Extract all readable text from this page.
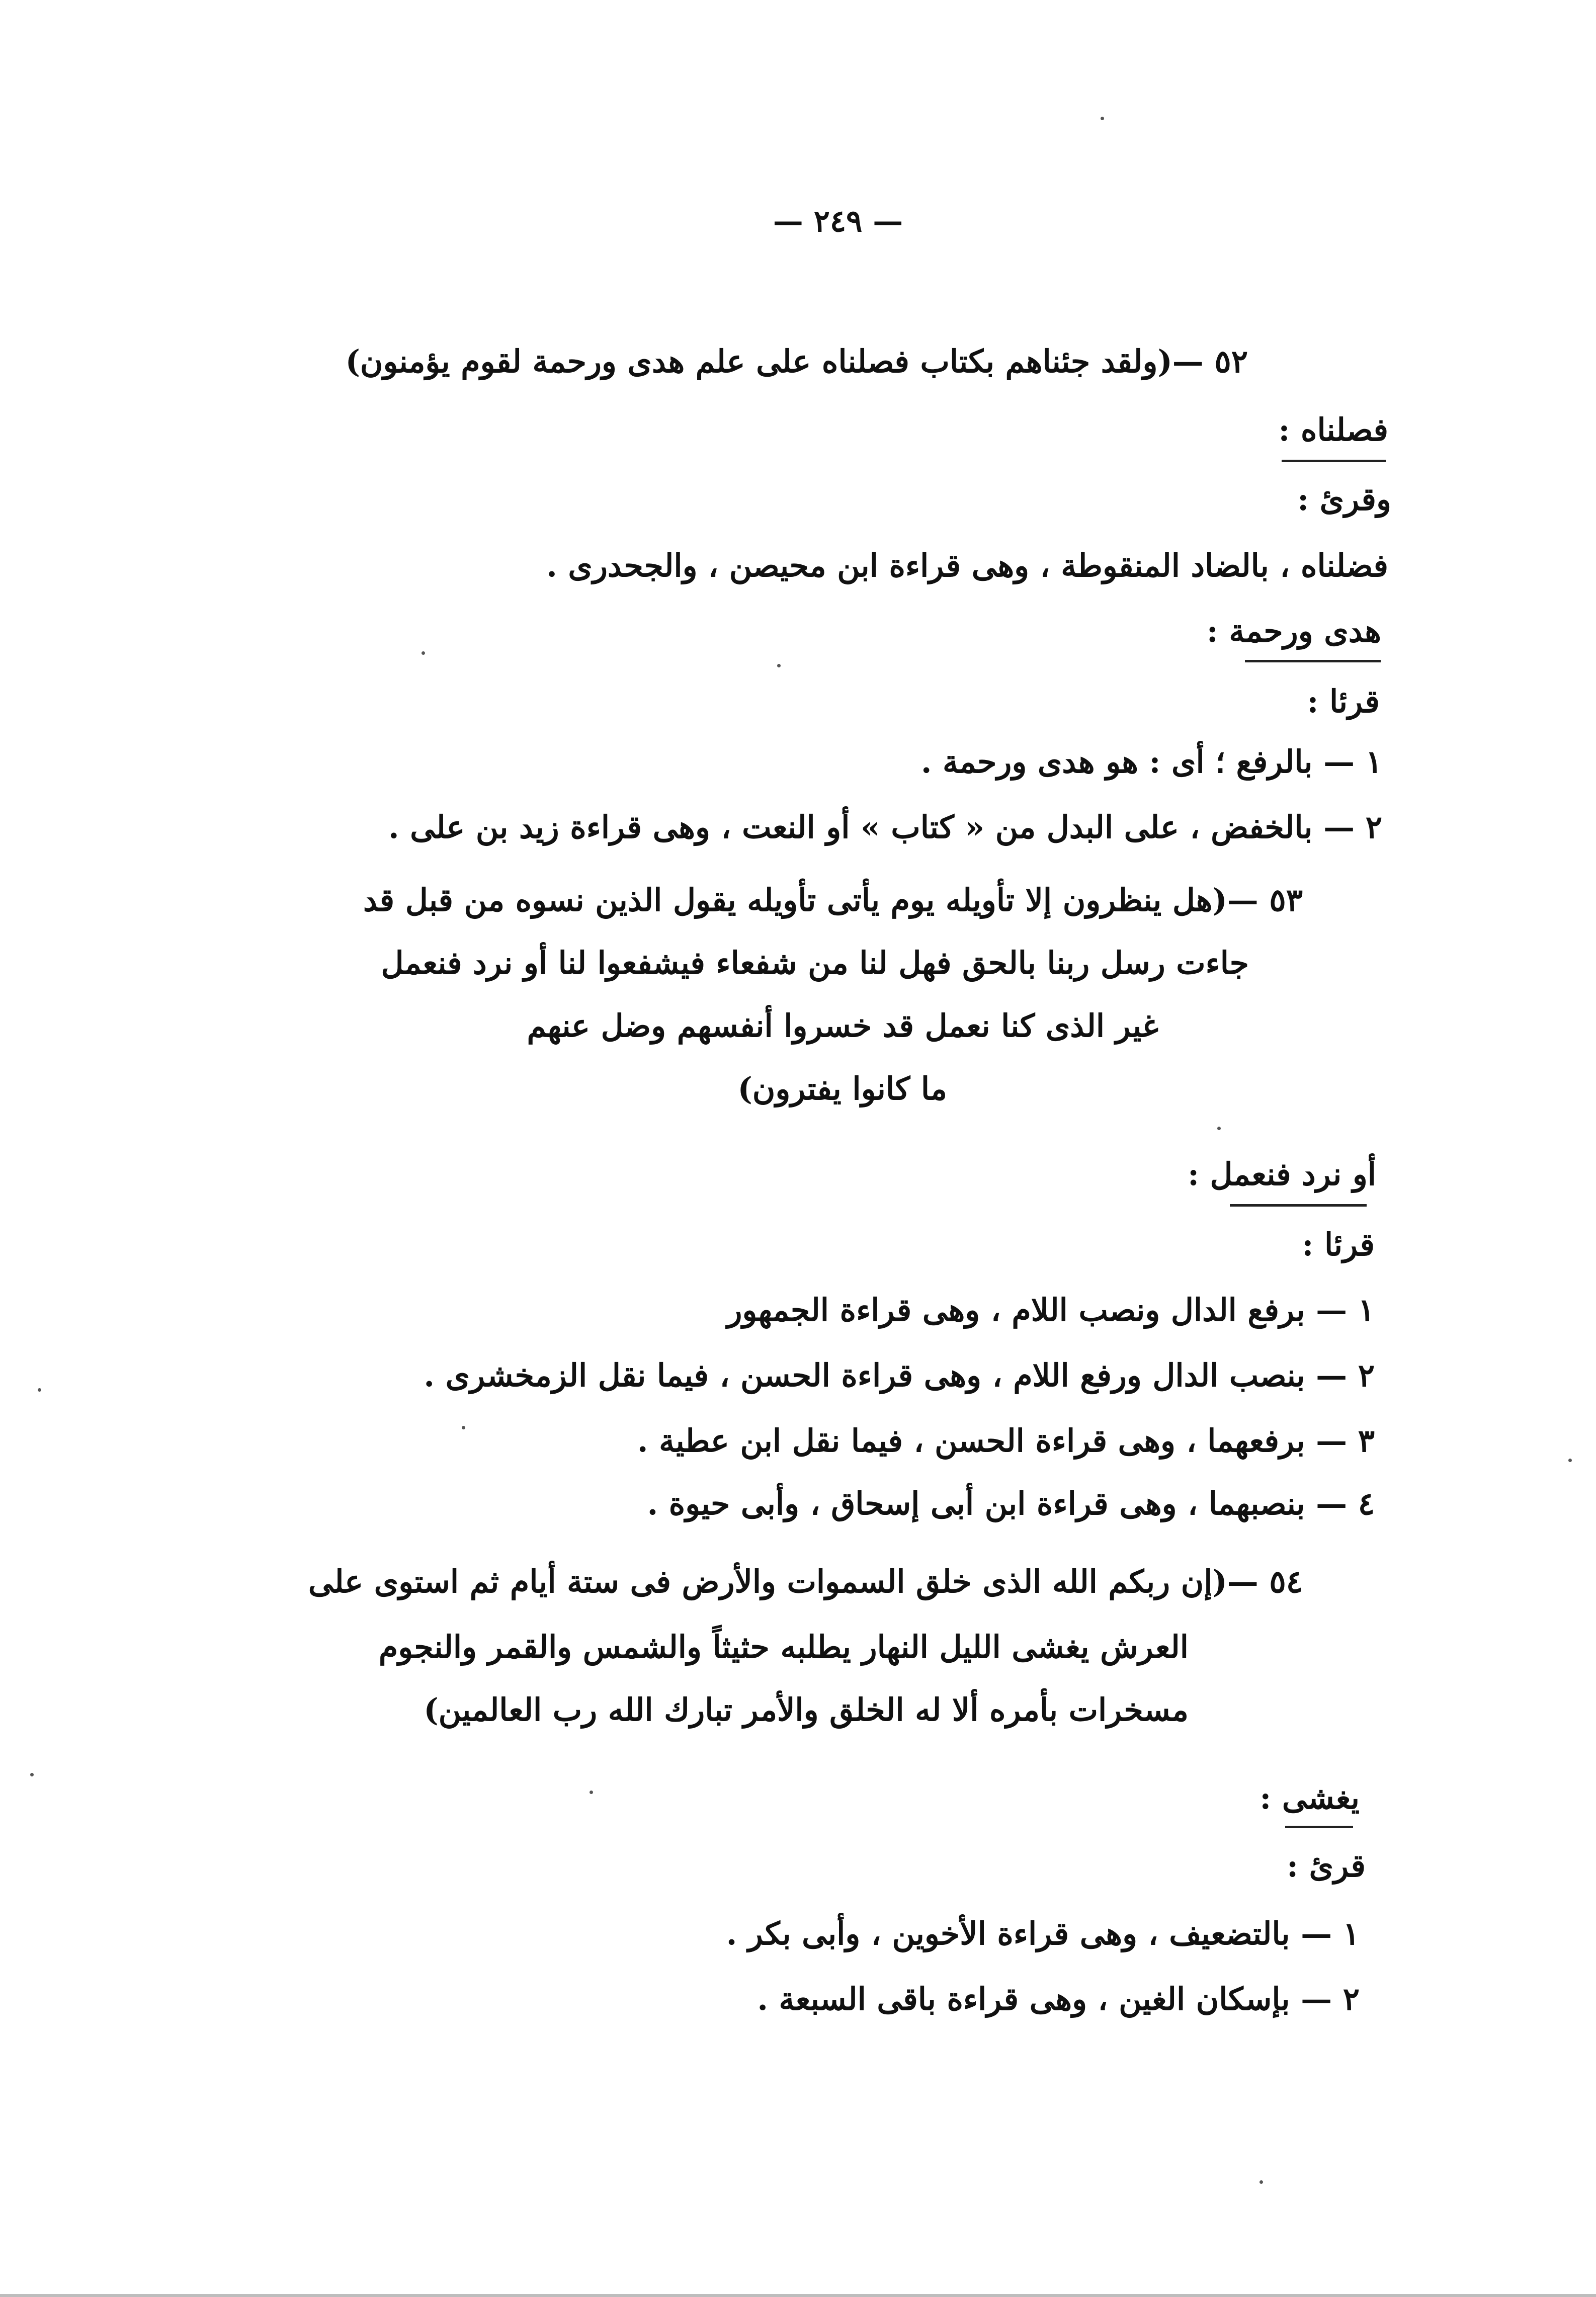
— ٢٤٩ —
٥٢ —(ولقد جئناهم بكتاب فصلناه على علم هدى ورحمة لقوم يؤمنون)
فصلناه :
وقرئ :
فضلناه ، بالضاد المنقوطة ، وهى قراءة ابن محيصن ، والجحدرى .
هدى ورحمة :
قرئا :
١ — بالرفع ؛ أى : هو هدى ورحمة .
٢ — بالخفض ، على البدل من « كتاب » أو النعت ، وهى قراءة زيد بن على .
٥٣ —(هل ينظرون إلا تأويله يوم يأتى تأويله يقول الذين نسوه من قبل قد
جاءت رسل ربنا بالحق فهل لنا من شفعاء فيشفعوا لنا أو نرد فنعمل
غير الذى كنا نعمل قد خسروا أنفسهم وضل عنهم
ما كانوا يفترون)
أو نرد فنعمل :
قرئا :
١ — برفع الدال ونصب اللام ، وهى قراءة الجمهور
٢ — بنصب الدال ورفع اللام ، وهى قراءة الحسن ، فيما نقل الزمخشرى .
٣ — برفعهما ، وهى قراءة الحسن ، فيما نقل ابن عطية .
٤ — بنصبهما ، وهى قراءة ابن أبى إسحاق ، وأبى حيوة .
٥٤ —(إن ربكم الله الذى خلق السموات والأرض فى ستة أيام ثم استوى على
العرش يغشى الليل النهار يطلبه حثيثاً والشمس والقمر والنجوم
مسخرات بأمره ألا له الخلق والأمر تبارك الله رب العالمين)
يغشى :
قرئ :
١ — بالتضعيف ، وهى قراءة الأخوين ، وأبى بكر .
٢ — بإسكان الغين ، وهى قراءة باقى السبعة .
